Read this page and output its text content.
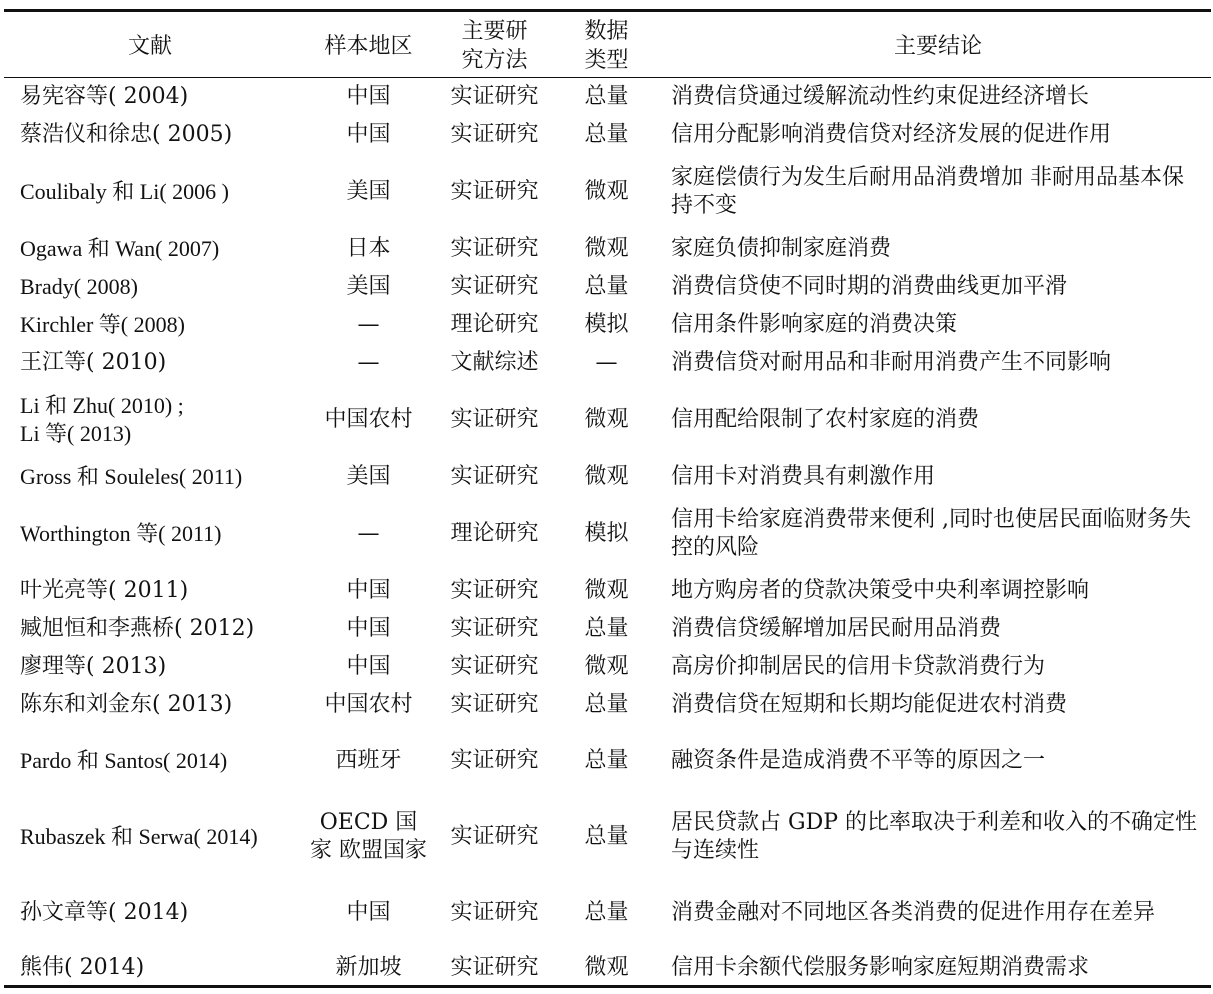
文献	样本地区	主要研究方法	数据类型	主要结论
易宪容等( 2004)	中国	实证研究	总量	消费信贷通过缓解流动性约束促进经济增长
蔡浩仪和徐忠( 2005)	中国	实证研究	总量	信用分配影响消费信贷对经济发展的促进作用
Coulibaly 和 Li( 2006 )	美国	实证研究	微观	家庭偿债行为发生后耐用品消费增加 非耐用品基本保持不变
Ogawa 和 Wan( 2007)	日本	实证研究	微观	家庭负债抑制家庭消费
Brady( 2008)	美国	实证研究	总量	消费信贷使不同时期的消费曲线更加平滑
Kirchler 等( 2008)	—	理论研究	模拟	信用条件影响家庭的消费决策
王江等( 2010)	—	文献综述	—	消费信贷对耐用品和非耐用消费产生不同影响
Li 和 Zhu( 2010) ; Li 等( 2013)	中国农村	实证研究	微观	信用配给限制了农村家庭的消费
Gross 和 Souleles( 2011)	美国	实证研究	微观	信用卡对消费具有刺激作用
Worthington 等( 2011)	—	理论研究	模拟	信用卡给家庭消费带来便利 ,同时也使居民面临财务失控的风险
叶光亮等( 2011)	中国	实证研究	微观	地方购房者的贷款决策受中央利率调控影响
臧旭恒和李燕桥( 2012)	中国	实证研究	总量	消费信贷缓解增加居民耐用品消费
廖理等( 2013)	中国	实证研究	微观	高房价抑制居民的信用卡贷款消费行为
陈东和刘金东( 2013)	中国农村	实证研究	总量	消费信贷在短期和长期均能促进农村消费
Pardo 和 Santos( 2014)	西班牙	实证研究	总量	融资条件是造成消费不平等的原因之一
Rubaszek 和 Serwa( 2014)	OECD 国家 欧盟国家	实证研究	总量	居民贷款占 GDP 的比率取决于利差和收入的不确定性与连续性
孙文章等( 2014)	中国	实证研究	总量	消费金融对不同地区各类消费的促进作用存在差异
熊伟( 2014)	新加坡	实证研究	微观	信用卡余额代偿服务影响家庭短期消费需求
